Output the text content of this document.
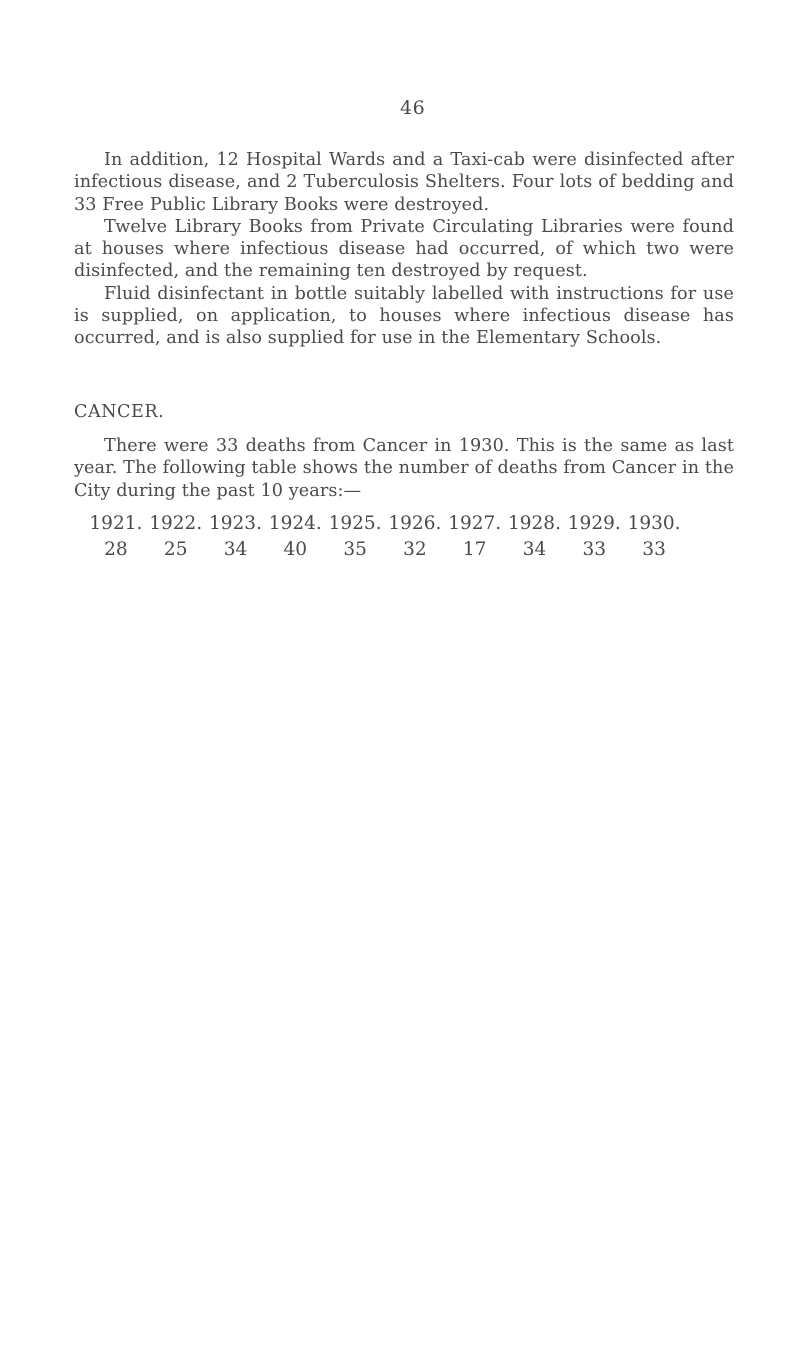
46

In addition, 12 Hospital Wards and a Taxi-cab were disinfected after infectious disease, and 2 Tuberculosis Shelters. Four lots of bedding and 33 Free Public Library Books were destroyed.

Twelve Library Books from Private Circulating Libraries were found at houses where infectious disease had occurred, of which two were disinfected, and the remaining ten destroyed by request.

Fluid disinfectant in bottle suitably labelled with instructions for use is supplied, on application, to houses where infectious disease has occurred, and is also supplied for use in the Elementary Schools.

CANCER.

There were 33 deaths from Cancer in 1930. This is the same as last year. The following table shows the number of deaths from Cancer in the City during the past 10 years:—

1921. 1922. 1923. 1924. 1925. 1926. 1927. 1928. 1929. 1930.
28	25	34	40	35	32	17	34	33	33
